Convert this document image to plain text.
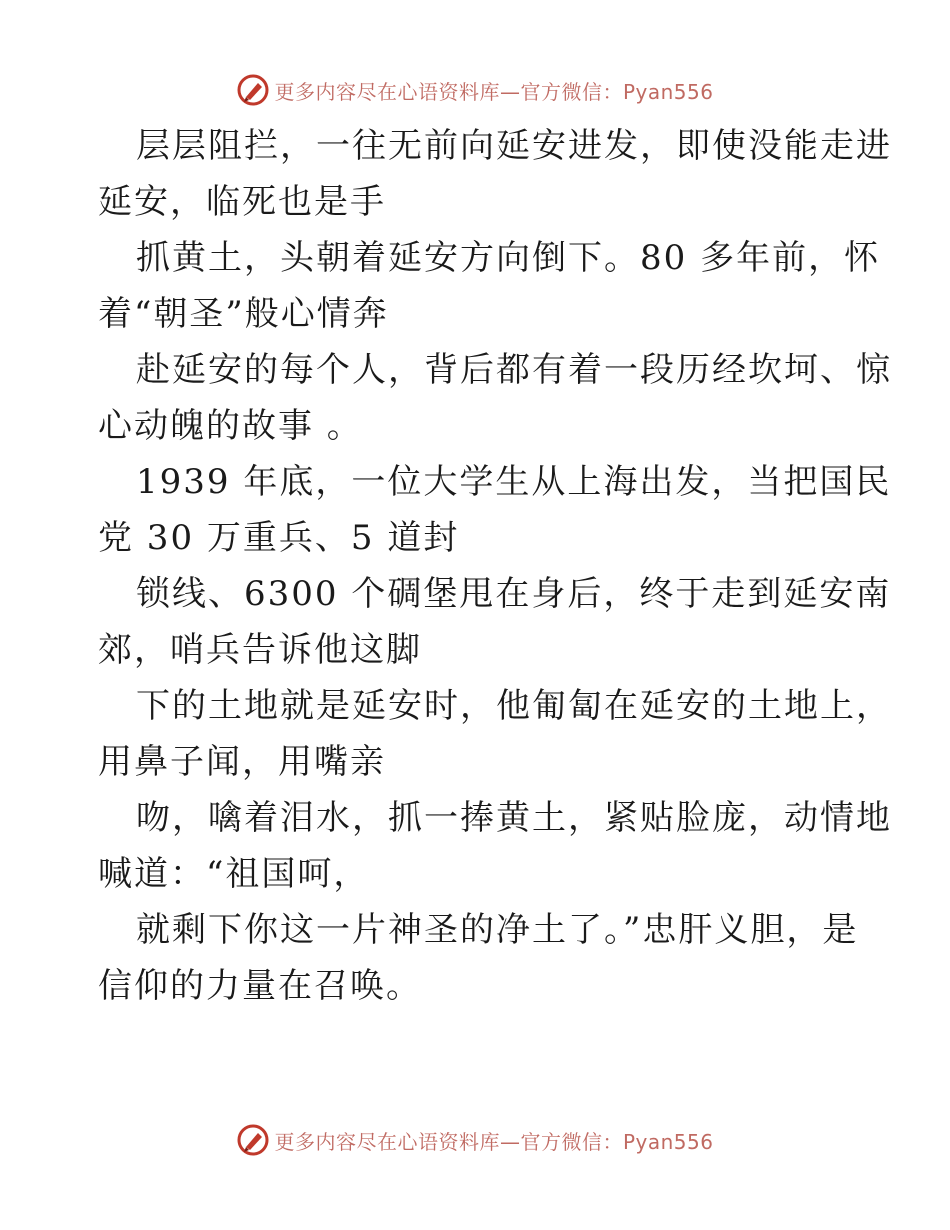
更多内容尽在心语资料库—官方微信：Pyan556
层层阻拦，一往无前向延安进发，即使没能走进
延安，临死也是手
抓黄土，头朝着延安方向倒下。80 多年前，怀
着“朝圣”般心情奔
赴延安的每个人，背后都有着一段历经坎坷、惊
心动魄的故事 。
1939 年底，一位大学生从上海出发，当把国民
党 30 万重兵、5 道封
锁线、6300 个碉堡甩在身后，终于走到延安南
郊，哨兵告诉他这脚
下的土地就是延安时，他匍匐在延安的土地上，
用鼻子闻，用嘴亲
吻，噙着泪水，抓一捧黄土，紧贴脸庞，动情地
喊道：“祖国呵，
就剩下你这一片神圣的净土了。”忠肝义胆，是
信仰的力量在召唤。
更多内容尽在心语资料库—官方微信：Pyan556
